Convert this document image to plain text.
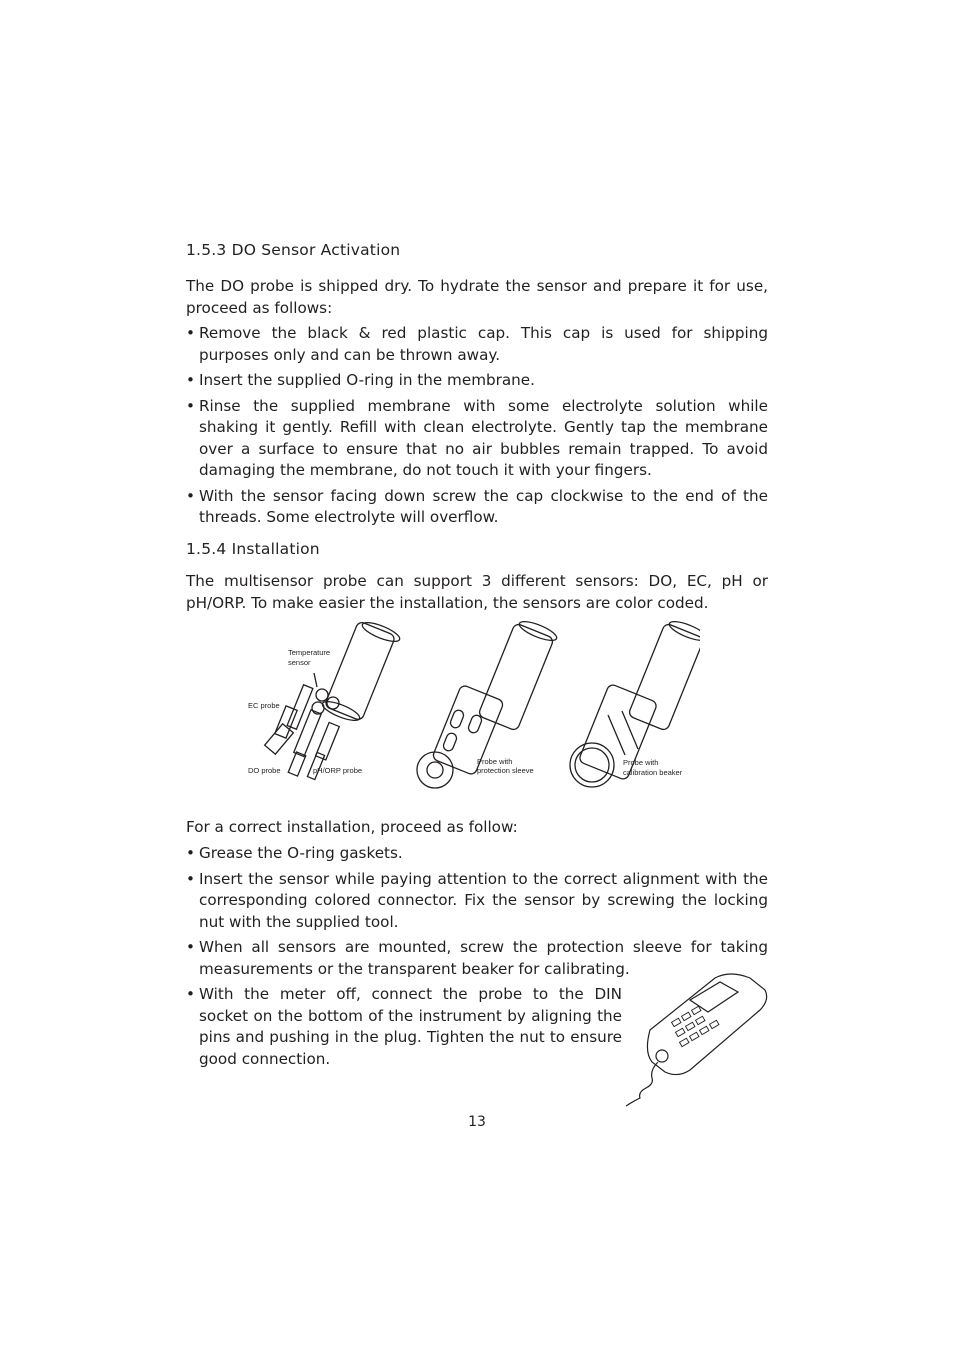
1.5.3 DO Sensor Activation
The DO probe is shipped dry. To hydrate the sensor and prepare it for use, proceed as follows:
• Remove the black & red plastic cap. This cap is used for shipping purposes only and can be thrown away.
• Insert the supplied O-ring in the membrane.
• Rinse the supplied membrane with some electrolyte solution while shaking it gently. Refill with clean electrolyte. Gently tap the membrane over a surface to ensure that no air bubbles remain trapped. To avoid damaging the membrane, do not touch it with your fingers.
• With the sensor facing down screw the cap clockwise to the end of the threads. Some electrolyte will overflow.
1.5.4 Installation
The multisensor probe can support 3 different sensors: DO, EC, pH or pH/ORP. To make easier the installation, the sensors are color coded.
Temperature
sensor
EC probe
DO probe	pH/ORP probe
Probe with
protection sleeve
Probe with
calibration beaker
For a correct installation, proceed as follow:
• Grease the O-ring gaskets.
• Insert the sensor while paying attention to the correct alignment with the corresponding colored connector. Fix the sensor by screwing the locking nut with the supplied tool.
• When all sensors are mounted, screw the protection sleeve for taking measurements or the transparent beaker for calibrating.
• With the meter off, connect the probe to the DIN socket on the bottom of the instrument by aligning the pins and pushing in the plug. Tighten the nut to ensure good connection.
13
